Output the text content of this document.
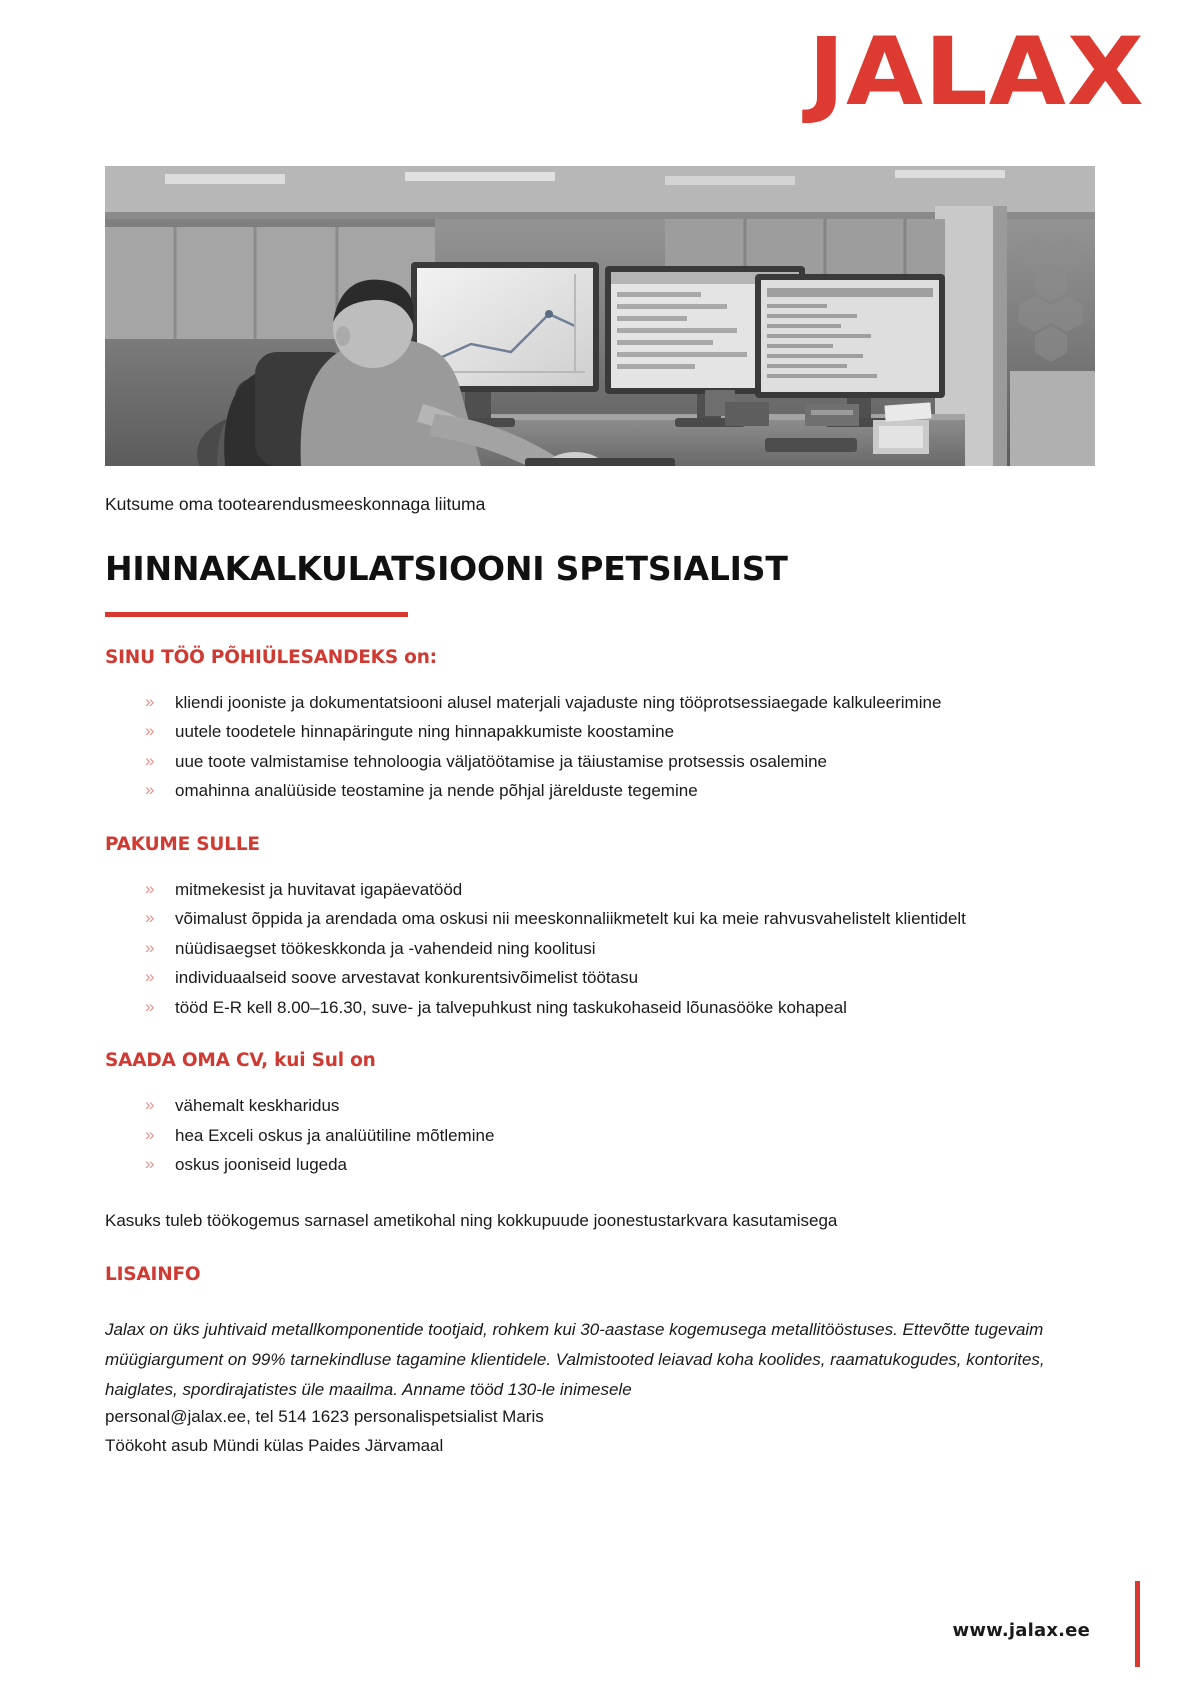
JALAX

Kutsume oma tootearendusmeeskonnaga liituma

HINNAKALKULATSIOONI SPETSIALIST
SINU TÖÖ PÕHIÜLESANDEKS on:
» kliendi jooniste ja dokumentatsiooni alusel materjali vajaduste ning tööprotsessiaegade kalkuleerimine
» uutele toodetele hinnapäringute ning hinnapakkumiste koostamine
» uue toote valmistamise tehnoloogia väljatöötamise ja täiustamise protsessis osalemine
» omahinna analüüside teostamine ja nende põhjal järelduste tegemine
PAKUME SULLE
» mitmekesist ja huvitavat igapäevatööd
» võimalust õppida ja arendada oma oskusi nii meeskonnaliikmetelt kui ka meie rahvusvahelistelt klientidelt
» nüüdisaegset töökeskkonda ja -vahendeid ning koolitusi
» individuaalseid soove arvestavat konkurentsivõimelist töötasu
» tööd E-R kell 8.00–16.30, suve- ja talvepuhkust ning taskukohaseid lõunasööke kohapeal
SAADA OMA CV, kui Sul on
» vähemalt keskharidus
» hea Exceli oskus ja analüütiline mõtlemine
» oskus jooniseid lugeda

Kasuks tuleb töökogemus sarnasel ametikohal ning kokkupuude joonestustarkvara kasutamisega

LISAINFO

Jalax on üks juhtivaid metallkomponentide tootjaid, rohkem kui 30-aastase kogemusega metallitööstuses. Ettevõtte tugevaim müügiargument on 99% tarnekindluse tagamine klientidele. Valmistooted leiavad koha koolides, raamatukogudes, kontorites, haiglates, spordirajatistes üle maailma. Anname tööd 130-le inimesele

personal@jalax.ee, tel 514 1623 personalispetsialist Maris

Töökoht asub Mündi külas Paides Järvamaal

www.jalax.ee
